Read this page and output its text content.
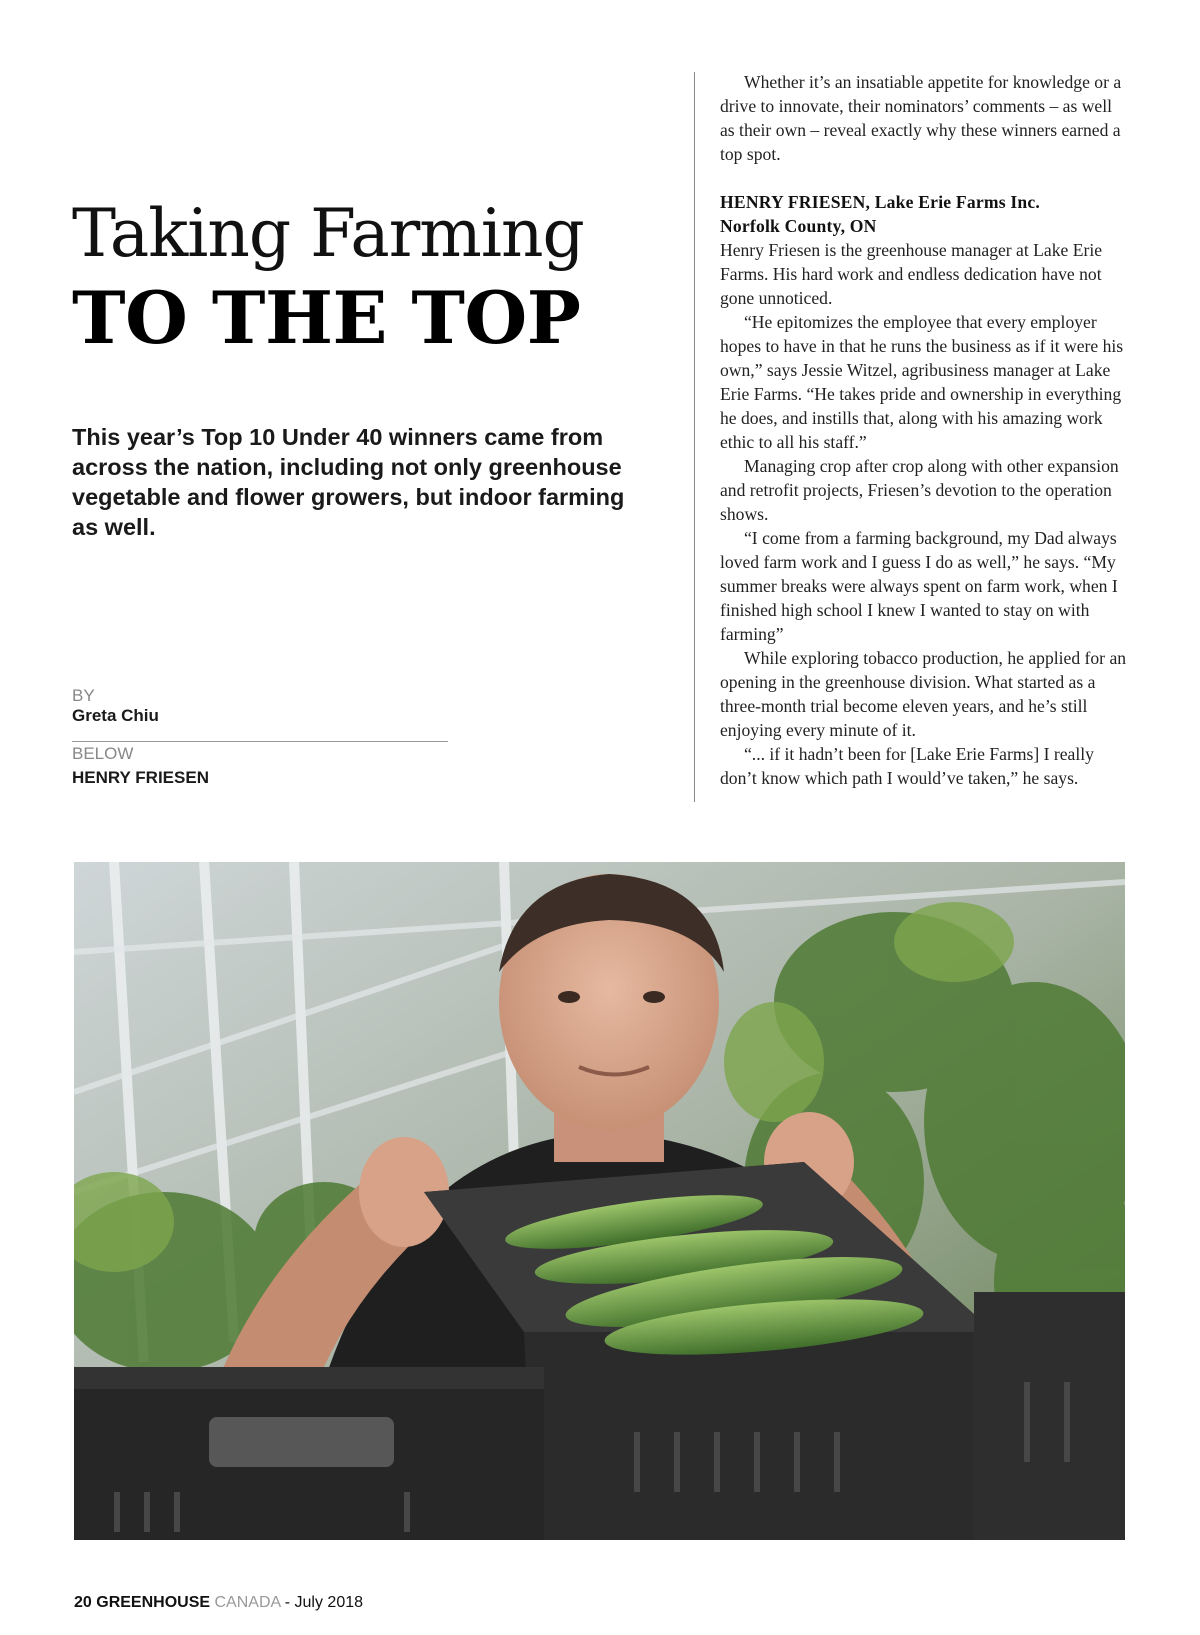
Taking Farming
TO THE TOP
This year’s Top 10 Under 40 winners came from across the nation, including not only greenhouse vegetable and flower growers, but indoor farming as well.
BY
Greta Chiu
BELOW
HENRY FRIESEN

Whether it’s an insatiable appetite for knowledge or a drive to innovate, their nominators’ comments – as well as their own – reveal exactly why these winners earned a top spot.

HENRY FRIESEN, Lake Erie Farms Inc.
Norfolk County, ON

Henry Friesen is the greenhouse manager at Lake Erie Farms. His hard work and endless dedication have not gone unnoticed.

“He epitomizes the employee that every employer hopes to have in that he runs the business as if it were his own,” says Jessie Witzel, agribusiness manager at Lake Erie Farms. “He takes pride and ownership in everything he does, and instills that, along with his amazing work ethic to all his staff.”

Managing crop after crop along with other expansion and retrofit projects, Friesen’s devotion to the operation shows.

“I come from a farming background, my Dad always loved farm work and I guess I do as well,” he says. “My summer breaks were always spent on farm work, when I finished high school I knew I wanted to stay on with farming”

While exploring tobacco production, he applied for an opening in the greenhouse division. What started as a three-month trial become eleven years, and he’s still enjoying every minute of it.

“... if it hadn’t been for [Lake Erie Farms] I really don’t know which path I would’ve taken,” he says.

20 GREENHOUSE CANADA - July 2018
